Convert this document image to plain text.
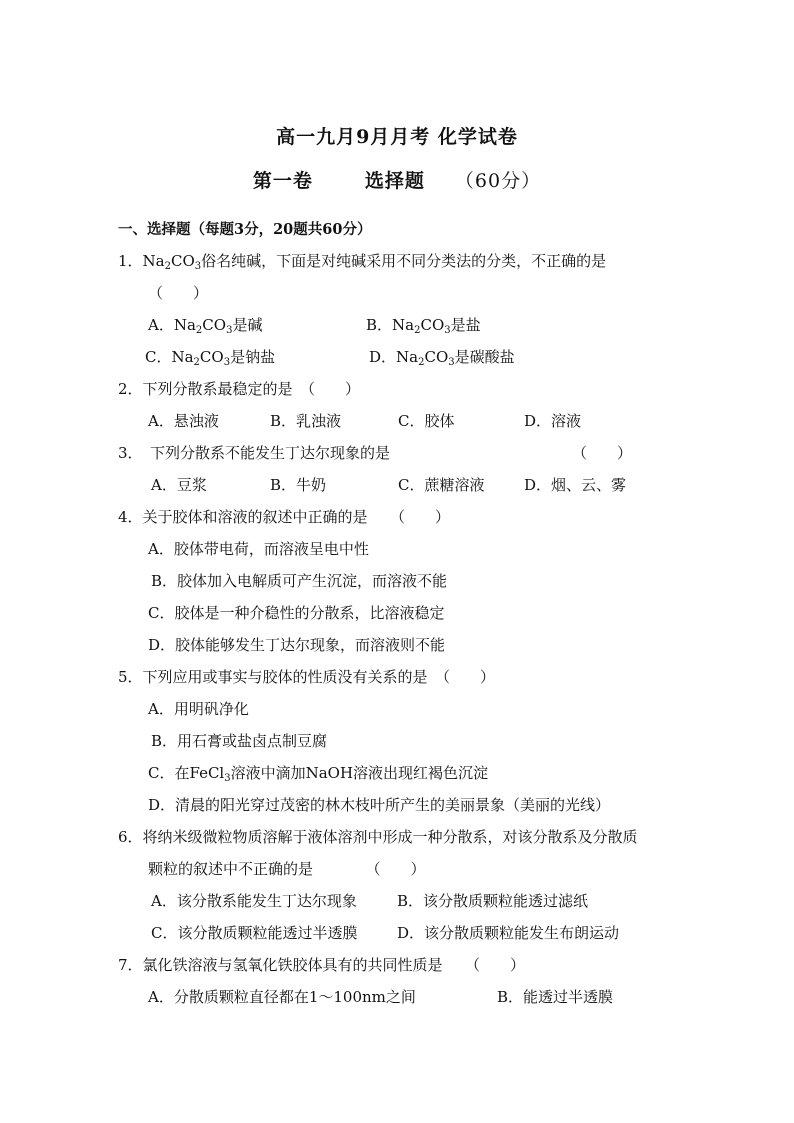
高一九月9月月考 化学试卷
第一卷	选择题 （60分）
一、选择题（每题3分，20题共60分）
1．$Na_2CO_3$俗名纯碱，下面是对纯碱采用不同分类法的分类，不正确的是
（　　）
A．$Na_2CO_3$是碱	B．$Na_2CO_3$是盐
C．$Na_2CO_3$是钠盐	D．$Na_2CO_3$是碳酸盐
2．下列分散系最稳定的是　（　　）
A．悬浊液	B．乳浊液	C．胶体	D．溶液
3．　下列分散系不能发生丁达尔现象的是	（　　）
A．豆浆	B．牛奶	C．蔗糖溶液	D．烟、云、雾
4．关于胶体和溶液的叙述中正确的是　　（　　）
A．胶体带电荷，而溶液呈电中性
B．胶体加入电解质可产生沉淀，而溶液不能
C．胶体是一种介稳性的分散系，比溶液稳定
D．胶体能够发生丁达尔现象，而溶液则不能
5．下列应用或事实与胶体的性质没有关系的是　（　　）
A．用明矾净化
B．用石膏或盐卤点制豆腐
C．在FeCl$_3$溶液中滴加NaOH溶液出现红褐色沉淀
D．清晨的阳光穿过茂密的林木枝叶所产生的美丽景象（美丽的光线）
6．将纳米级微粒物质溶解于液体溶剂中形成一种分散系，对该分散系及分散质
颗粒的叙述中不正确的是　　　　（　　）
A．该分散系能发生丁达尔现象	B．该分散质颗粒能透过滤纸
C．该分散质颗粒能透过半透膜	D．该分散质颗粒能发生布朗运动
7．氯化铁溶液与氢氧化铁胶体具有的共同性质是　　（　　）
A．分散质颗粒直径都在1～100nm之间	B．能透过半透膜
